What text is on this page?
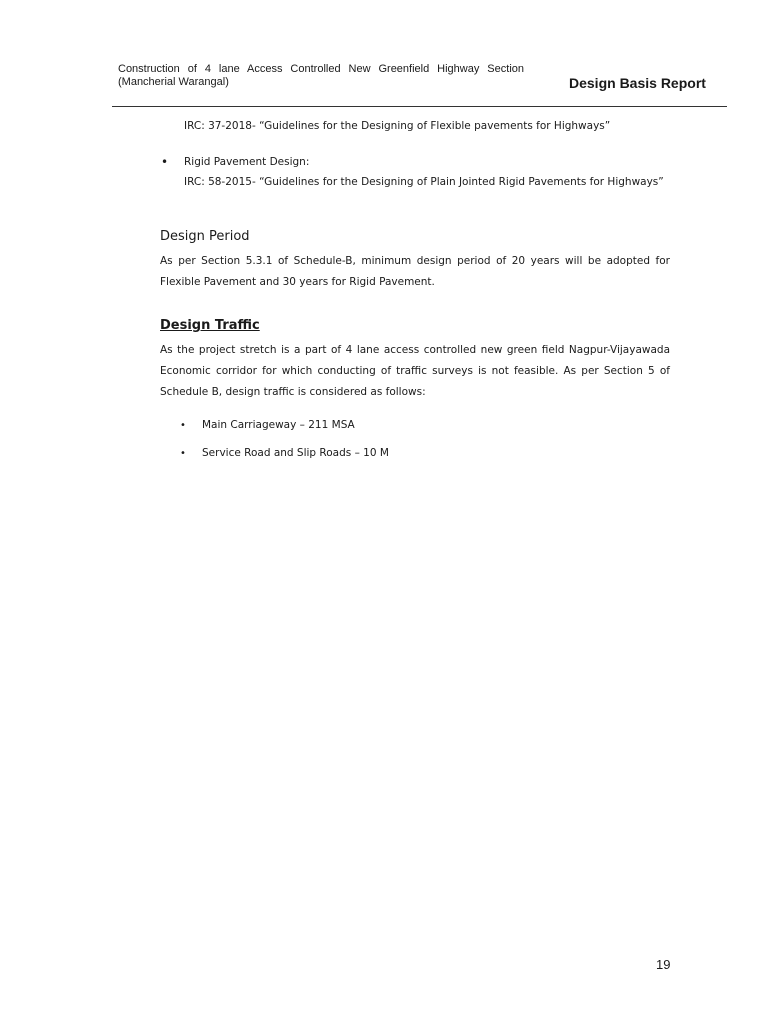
Construction of 4 lane Access Controlled New Greenfield Highway Section
(Mancherial Warangal)	Design Basis Report
IRC: 37-2018- “Guidelines for the Designing of Flexible pavements for Highways”
• Rigid Pavement Design:
IRC: 58-2015- “Guidelines for the Designing of Plain Jointed Rigid Pavements for Highways”
Design Period
As per Section 5.3.1 of Schedule-B, minimum design period of 20 years will be adopted for Flexible Pavement and 30 years for Rigid Pavement.
Design Traffic
As the project stretch is a part of 4 lane access controlled new green field Nagpur-Vijayawada Economic corridor for which conducting of traffic surveys is not feasible. As per Section 5 of Schedule B, design traffic is considered as follows:
• Main Carriageway – 211 MSA
• Service Road and Slip Roads – 10 M
19
